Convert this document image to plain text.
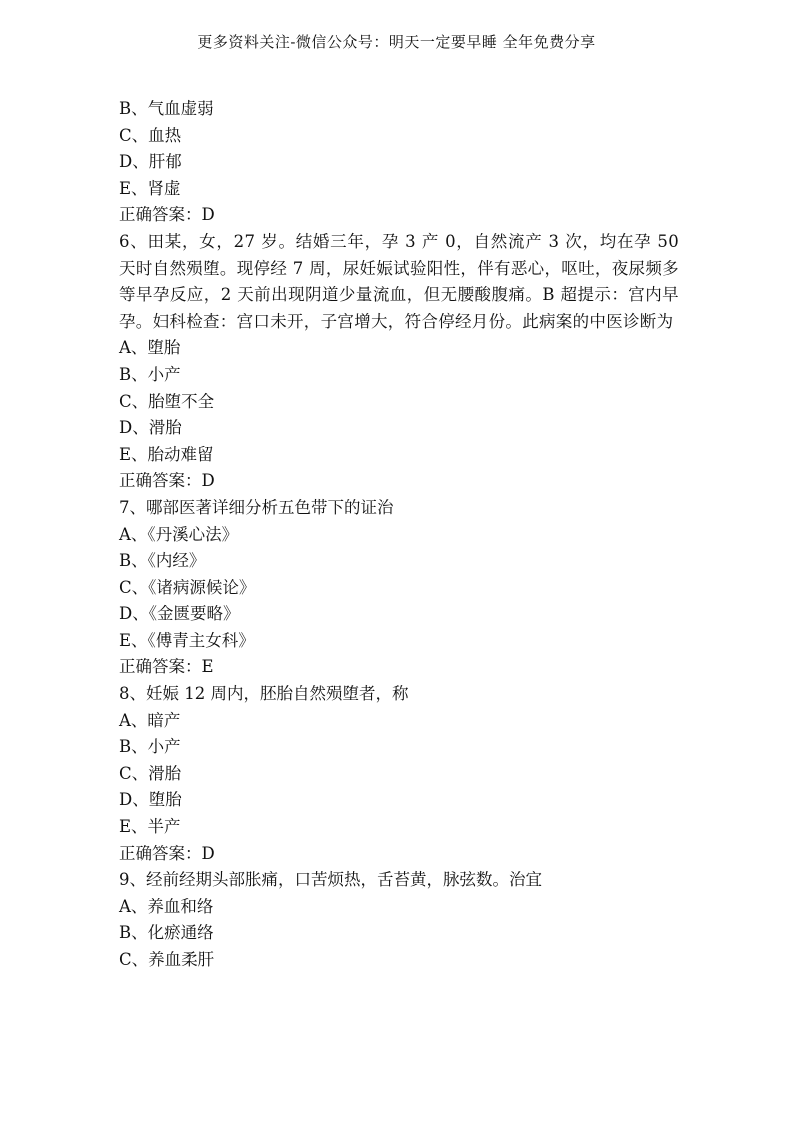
更多资料关注-微信公众号：明天一定要早睡 全年免费分享
B、气血虚弱
C、血热
D、肝郁
E、肾虚
正确答案：D
6、田某，女，27 岁。结婚三年，孕 3 产 0，自然流产 3 次，均在孕 50 天时自然殒堕。现停经 7 周，尿妊娠试验阳性，伴有恶心，呕吐，夜尿频多等早孕反应，2 天前出现阴道少量流血，但无腰酸腹痛。B 超提示：宫内早孕。妇科检查：宫口未开，子宫增大，符合停经月份。此病案的中医诊断为
A、堕胎
B、小产
C、胎堕不全
D、滑胎
E、胎动难留
正确答案：D
7、哪部医著详细分析五色带下的证治
A、《丹溪心法》
B、《内经》
C、《诸病源候论》
D、《金匮要略》
E、《傅青主女科》
正确答案：E
8、妊娠 12 周内，胚胎自然殒堕者，称
A、暗产
B、小产
C、滑胎
D、堕胎
E、半产
正确答案：D
9、经前经期头部胀痛，口苦烦热，舌苔黄，脉弦数。治宜
A、养血和络
B、化瘀通络
C、养血柔肝
